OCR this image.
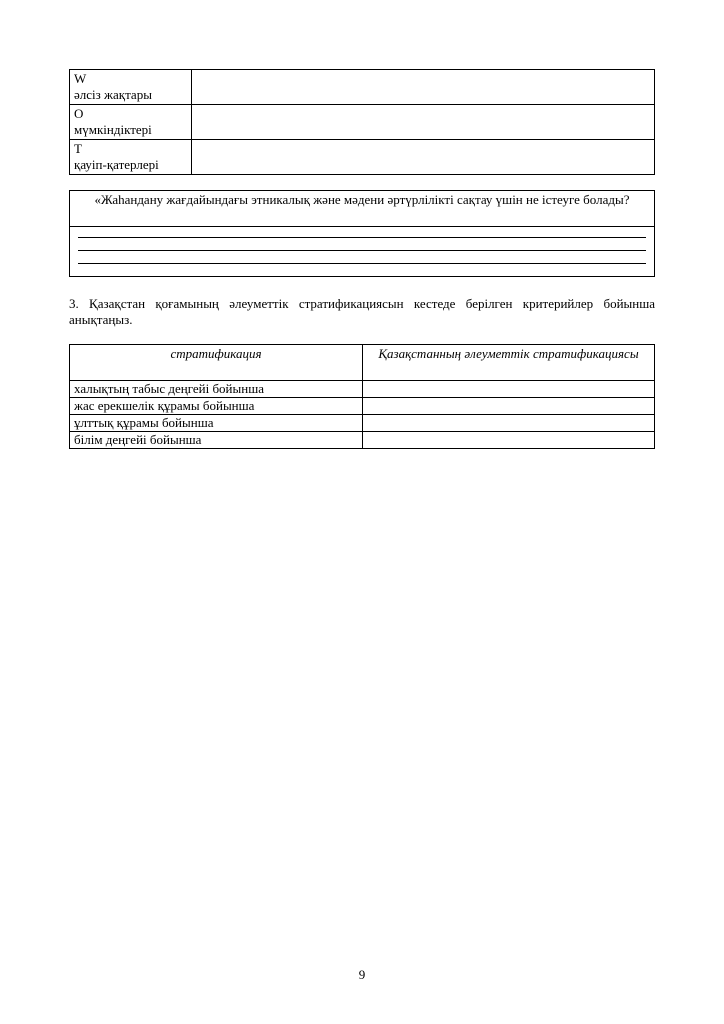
W
әлсіз жақтары	

O
мүмкіндіктері	

T
қауіп-қатерлері	

«Жаһандану жағдайындағы этникалық және мәдени әртүрлілікті сақтау үшін не істеуге болады?

3. Қазақстан қоғамының әлеуметтік стратификациясын кестеде берілген критерийлер бойынша анықтаңыз.
стратификация	Қазақстанның әлеуметтік стратификациясы
халықтың табыс деңгейі бойынша	
жас ерекшелік құрамы бойынша	
ұлттық құрамы бойынша	
білім деңгейі бойынша	
9
